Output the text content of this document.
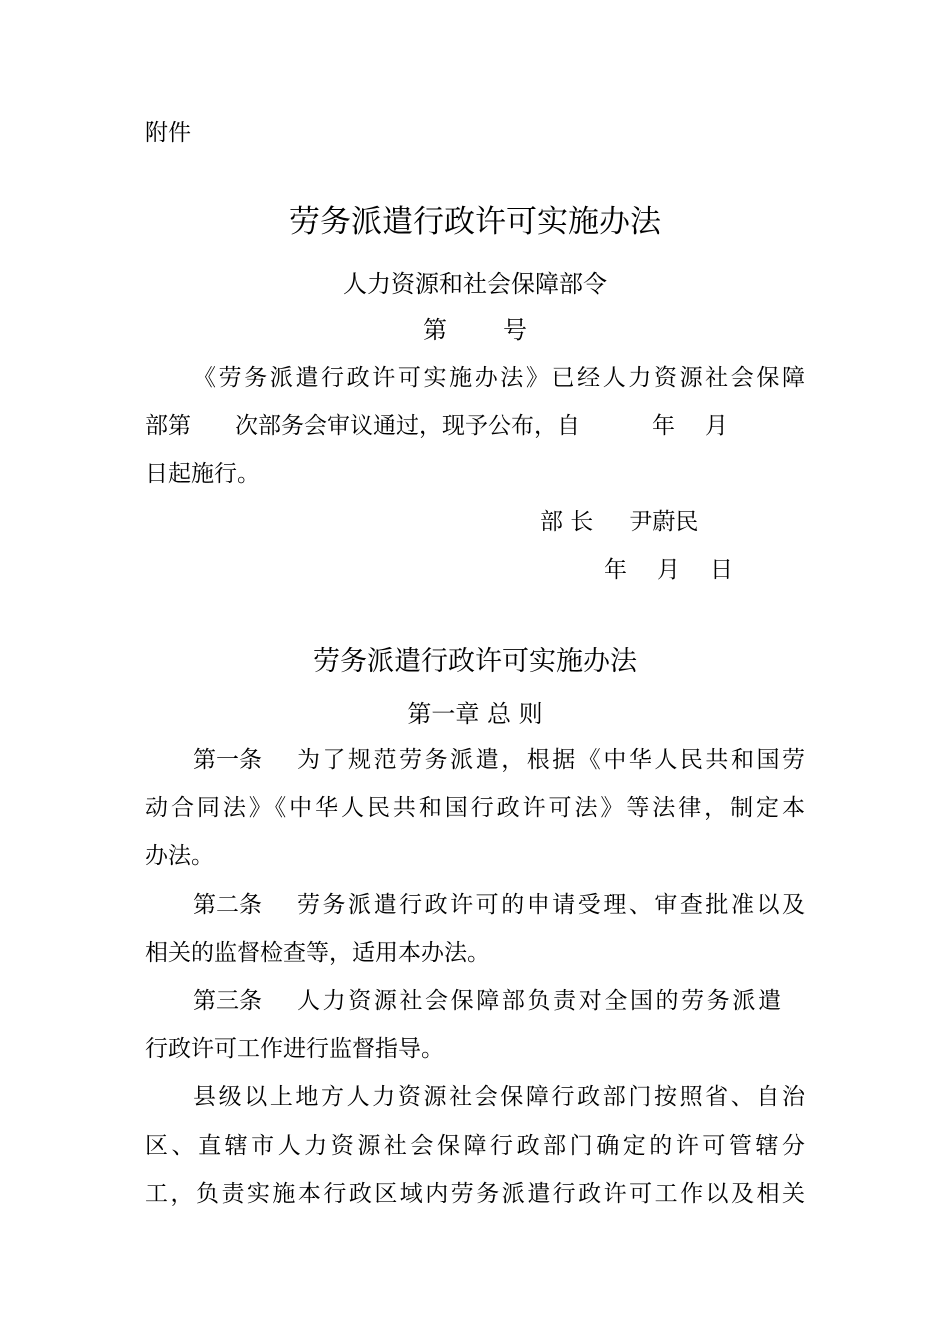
附件
劳务派遣行政许可实施办法
人力资源和社会保障部令
第 号
《劳务派遣行政许可实施办法》已经人力资源社会保障
部第 次部务会审议通过，现予公布，自	年 月
日起施行。
部 长 尹蔚民
年 月 日
劳务派遣行政许可实施办法
第一章 总 则
第一条 为了规范劳务派遣，根据《中华人民共和国劳
动合同法》《中华人民共和国行政许可法》等法律，制定本
办法。
第二条 劳务派遣行政许可的申请受理、审查批准以及
相关的监督检查等，适用本办法。
第三条 人力资源社会保障部负责对全国的劳务派遣
行政许可工作进行监督指导。
县级以上地方人力资源社会保障行政部门按照省、自治
区、直辖市人力资源社会保障行政部门确定的许可管辖分
工，负责实施本行政区域内劳务派遣行政许可工作以及相关
